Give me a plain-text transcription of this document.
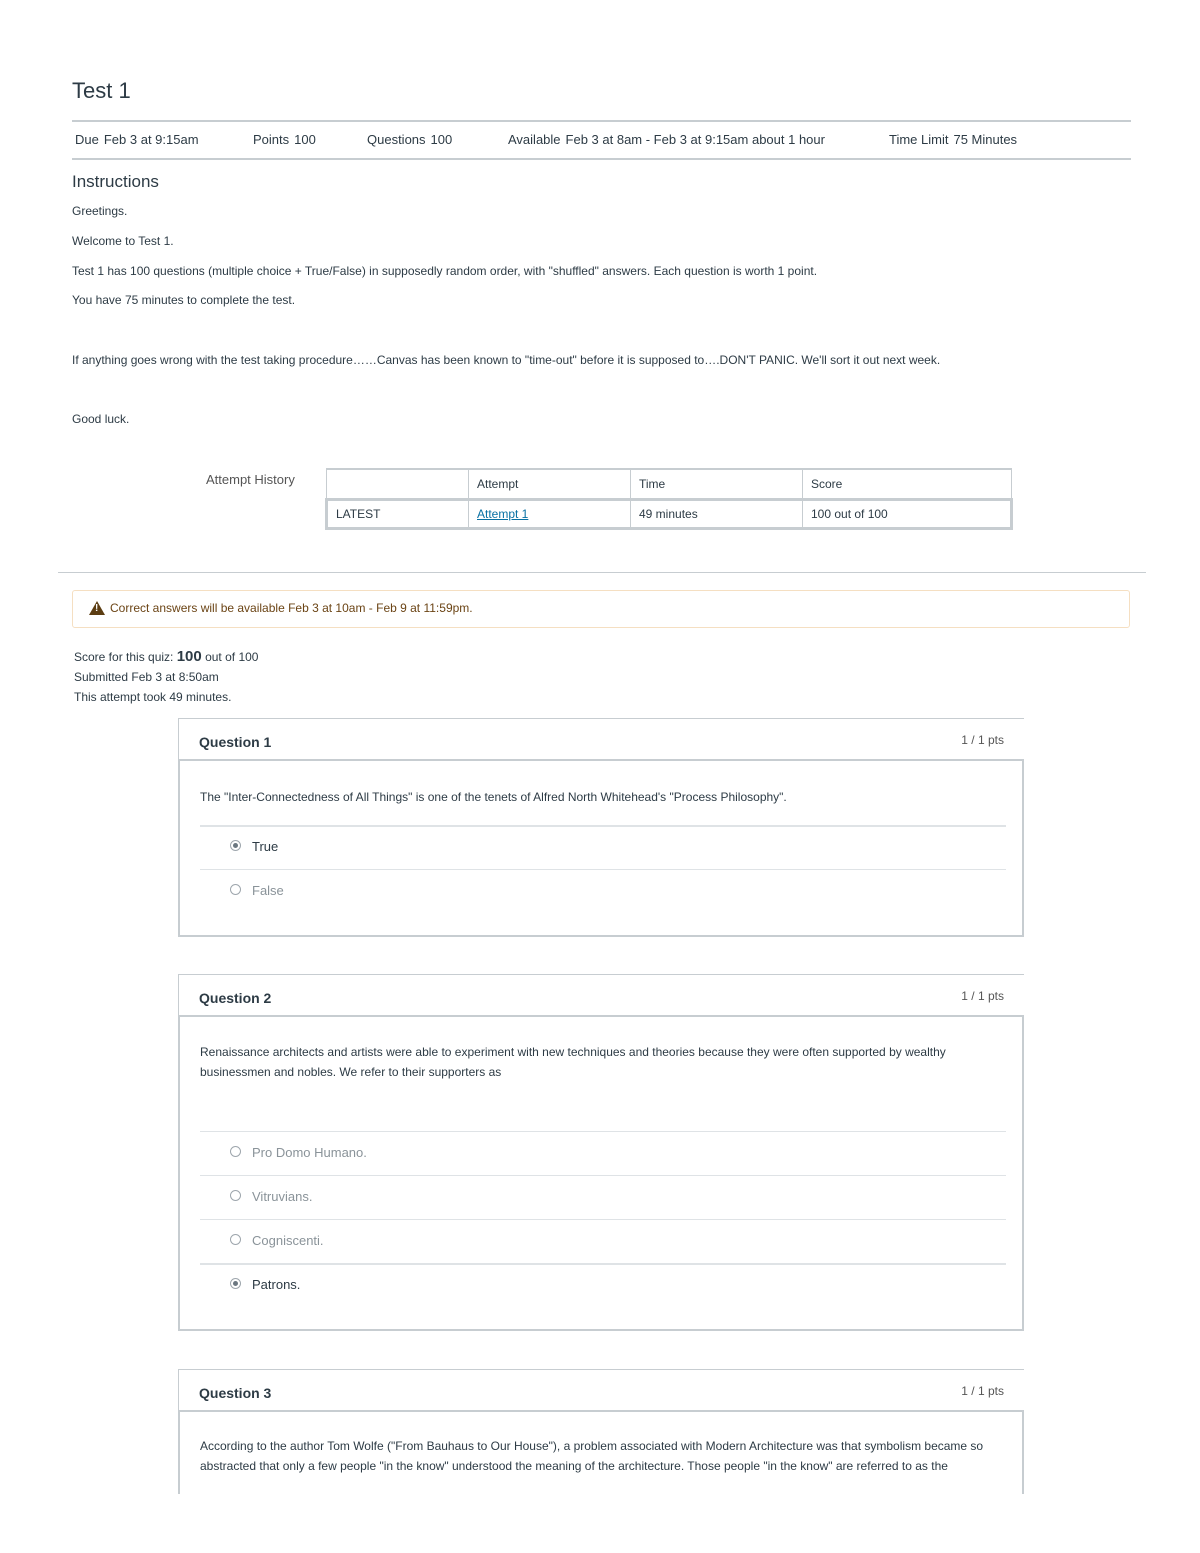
Test 1
Due Feb 3 at 9:15am	Points 100	Questions 100	Available Feb 3 at 8am - Feb 3 at 9:15am about 1 hour	Time Limit 75 Minutes
Instructions
Greetings.
Welcome to Test 1.
Test 1 has 100 questions (multiple choice + True/False) in supposedly random order, with "shuffled" answers. Each question is worth 1 point.
You have 75 minutes to complete the test.
If anything goes wrong with the test taking procedure……Canvas has been known to "time-out" before it is supposed to….DON'T PANIC. We'll sort it out next week.
Good luck.
Attempt History
		Attempt	Time	Score
LATEST	Attempt 1	49 minutes	100 out of 100
!
Correct answers will be available Feb 3 at 10am - Feb 9 at 11:59pm.
Score for this quiz: 100 out of 100
Submitted Feb 3 at 8:50am
This attempt took 49 minutes.
Question 1	1 / 1 pts
The "Inter-Connectedness of All Things" is one of the tenets of Alfred North Whitehead's "Process Philosophy".
True
False
Question 2	1 / 1 pts
Renaissance architects and artists were able to experiment with new techniques and theories because they were often supported by wealthy businessmen and nobles. We refer to their supporters as
Pro Domo Humano.
Vitruvians.
Cogniscenti.
Patrons.
Question 3	1 / 1 pts
According to the author Tom Wolfe ("From Bauhaus to Our House"), a problem associated with Modern Architecture was that symbolism became so abstracted that only a few people "in the know" understood the meaning of the architecture. Those people "in the know" are referred to as the
